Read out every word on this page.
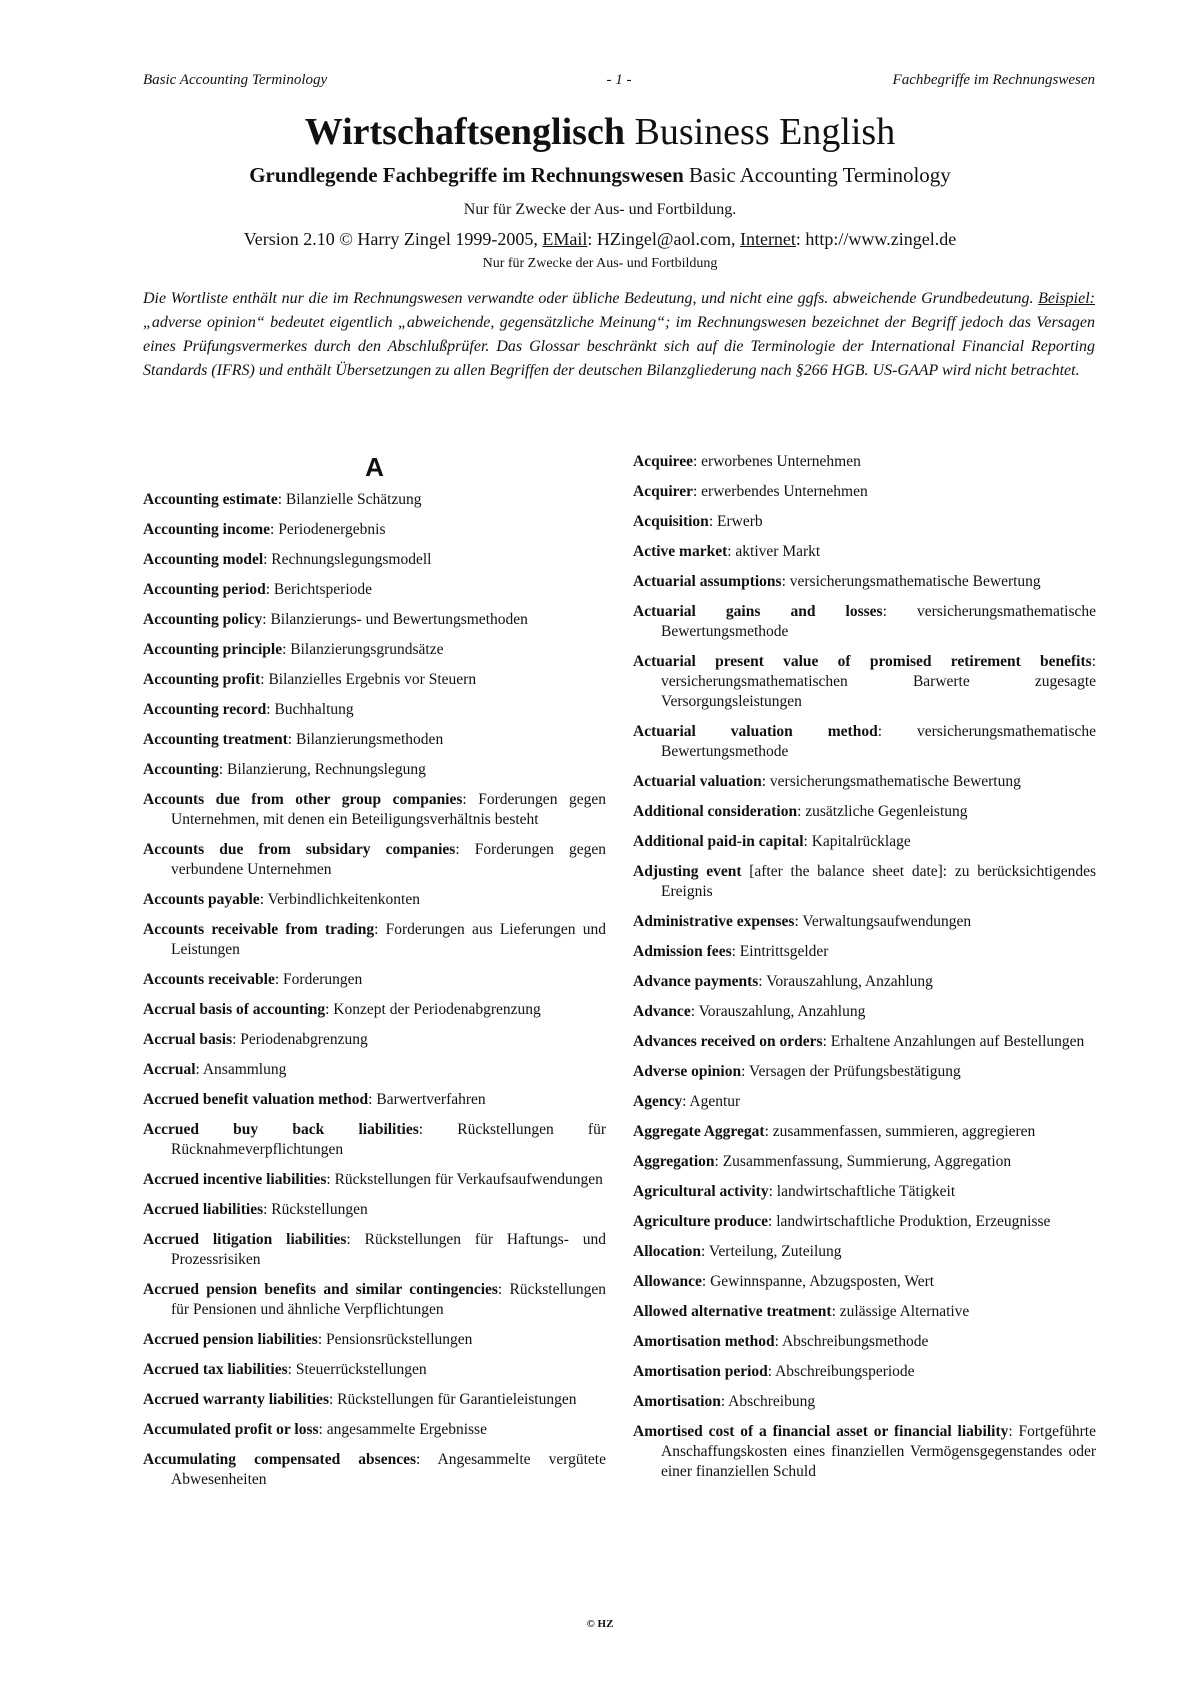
Basic Accounting Terminology	- 1 -	Fachbegriffe im Rechnungswesen
Wirtschaftsenglisch Business English
Grundlegende Fachbegriffe im Rechnungswesen Basic Accounting Terminology
Nur für Zwecke der Aus- und Fortbildung.
Version 2.10 © Harry Zingel 1999-2005, EMail: HZingel@aol.com, Internet: http://www.zingel.de
Nur für Zwecke der Aus- und Fortbildung
Die Wortliste enthält nur die im Rechnungswesen verwandte oder übliche Bedeutung, und nicht eine ggfs. abweichende Grundbedeutung. Beispiel: „adverse opinion“ bedeutet eigentlich „abweichende, gegensätzliche Meinung“; im Rechnungswesen bezeichnet der Begriff jedoch das Versagen eines Prüfungsvermerkes durch den Abschlußprüfer. Das Glossar beschränkt sich auf die Terminologie der International Financial Reporting Standards (IFRS) und enthält Übersetzungen zu allen Begriffen der deutschen Bilanzgliederung nach §266 HGB. US-GAAP wird nicht betrachtet.
A
Accounting estimate: Bilanzielle Schätzung
Accounting income: Periodenergebnis
Accounting model: Rechnungslegungsmodell
Accounting period: Berichtsperiode
Accounting policy: Bilanzierungs- und Bewertungsmethoden
Accounting principle: Bilanzierungsgrundsätze
Accounting profit: Bilanzielles Ergebnis vor Steuern
Accounting record: Buchhaltung
Accounting treatment: Bilanzierungsmethoden
Accounting: Bilanzierung, Rechnungslegung
Accounts due from other group companies: Forderungen gegen Unternehmen, mit denen ein Beteiligungsverhältnis besteht
Accounts due from subsidary companies: Forderungen gegen verbundene Unternehmen
Accounts payable: Verbindlichkeitenkonten
Accounts receivable from trading: Forderungen aus Lieferungen und Leistungen
Accounts receivable: Forderungen
Accrual basis of accounting: Konzept der Periodenabgrenzung
Accrual basis: Periodenabgrenzung
Accrual: Ansammlung
Accrued benefit valuation method: Barwertverfahren
Accrued buy back liabilities: Rückstellungen für Rücknahmeverpflichtungen
Accrued incentive liabilities: Rückstellungen für Verkaufsaufwendungen
Accrued liabilities: Rückstellungen
Accrued litigation liabilities: Rückstellungen für Haftungs- und Prozessrisiken
Accrued pension benefits and similar contingencies: Rückstellungen für Pensionen und ähnliche Verpflichtungen
Accrued pension liabilities: Pensionsrückstellungen
Accrued tax liabilities: Steuerrückstellungen
Accrued warranty liabilities: Rückstellungen für Garantieleistungen
Accumulated profit or loss: angesammelte Ergebnisse
Accumulating compensated absences: Angesammelte vergütete Abwesenheiten
Acquiree: erworbenes Unternehmen
Acquirer: erwerbendes Unternehmen
Acquisition: Erwerb
Active market: aktiver Markt
Actuarial assumptions: versicherungsmathematische Bewertung
Actuarial gains and losses: versicherungsmathematische Bewertungsmethode
Actuarial present value of promised retirement benefits: versicherungsmathematischen Barwerte zugesagte Versorgungsleistungen
Actuarial valuation method: versicherungsmathematische Bewertungsmethode
Actuarial valuation: versicherungsmathematische Bewertung
Additional consideration: zusätzliche Gegenleistung
Additional paid-in capital: Kapitalrücklage
Adjusting event [after the balance sheet date]: zu berücksichtigendes Ereignis
Administrative expenses: Verwaltungsaufwendungen
Admission fees: Eintrittsgelder
Advance payments: Vorauszahlung, Anzahlung
Advance: Vorauszahlung, Anzahlung
Advances received on orders: Erhaltene Anzahlungen auf Bestellungen
Adverse opinion: Versagen der Prüfungsbestätigung
Agency: Agentur
Aggregate Aggregat: zusammenfassen, summieren, aggregieren
Aggregation: Zusammenfassung, Summierung, Aggregation
Agricultural activity: landwirtschaftliche Tätigkeit
Agriculture produce: landwirtschaftliche Produktion, Erzeugnisse
Allocation: Verteilung, Zuteilung
Allowance: Gewinnspanne, Abzugsposten, Wert
Allowed alternative treatment: zulässige Alternative
Amortisation method: Abschreibungsmethode
Amortisation period: Abschreibungsperiode
Amortisation: Abschreibung
Amortised cost of a financial asset or financial liability: Fortgeführte Anschaffungskosten eines finanziellen Vermögensgegenstandes oder einer finanziellen Schuld
© HZ
